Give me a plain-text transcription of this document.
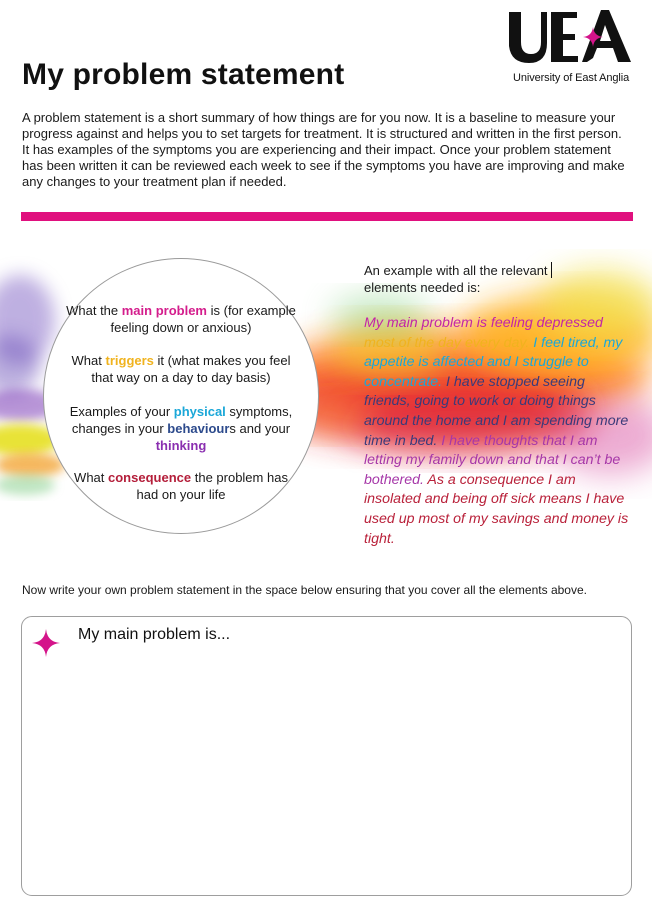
University of East Anglia
My problem statement
A problem statement is a short summary of how things are for you now. It is a baseline to measure your progress against and helps you to set targets for treatment. It is structured and written in the first person. It has examples of the symptoms you are experiencing and their impact. Once your problem statement has been written it can be reviewed each week to see if the symptoms you have are improving and make any changes to your treatment plan if needed.
What the main problem is (for example feeling down or anxious)
What triggers it (what makes you feel that way on a day to day basis)
Examples of your physical symptoms, changes in your behaviours and your thinking
What consequence the problem has had on your life
An example with all the relevant elements needed is:
My main problem is feeling depressed most of the day every day. I feel tired, my appetite is affected and I struggle to concentrate. I have stopped seeing friends, going to work or doing things around the home and I am spending more time in bed. I have thoughts that I am letting my family down and that I can’t be bothered. As a consequence I am insolated and being off sick means I have used up most of my savings and money is tight.
Now write your own problem statement in the space below ensuring that you cover all the elements above.
My main problem is...
